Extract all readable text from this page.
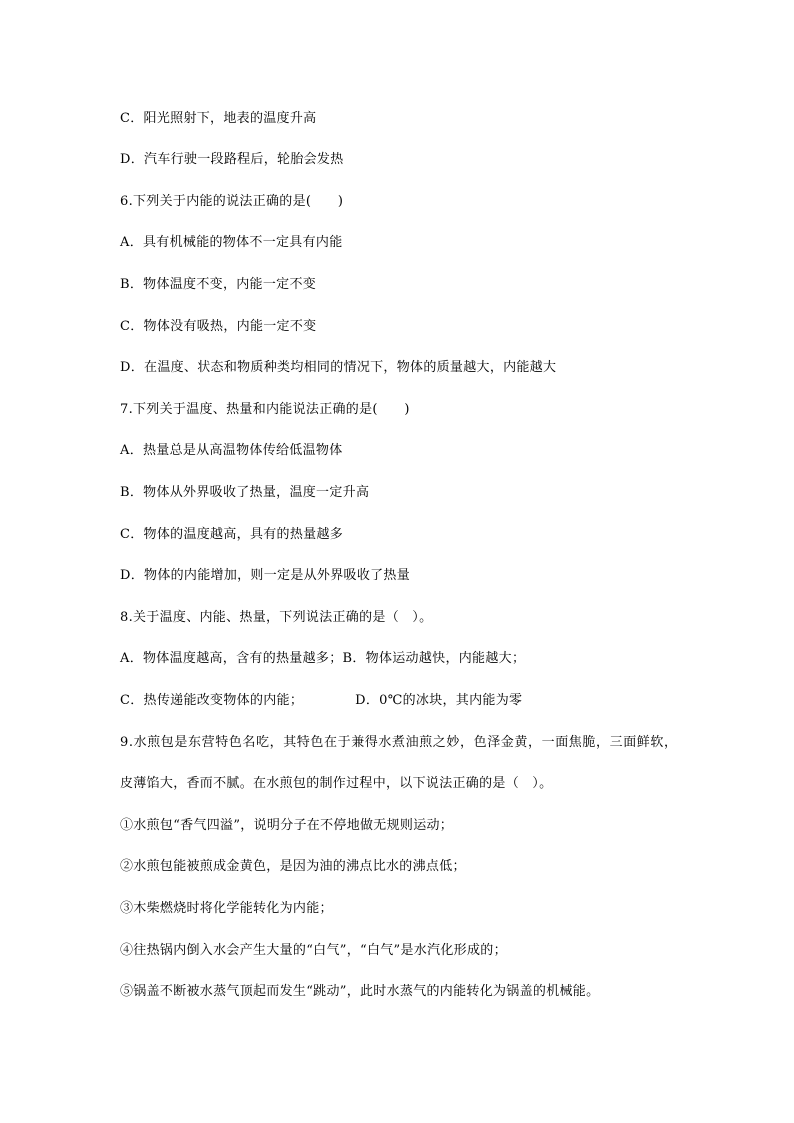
C．阳光照射下，地表的温度升高
D．汽车行驶一段路程后，轮胎会发热
6.下列关于内能的说法正确的是(　　)
A．具有机械能的物体不一定具有内能
B．物体温度不变，内能一定不变
C．物体没有吸热，内能一定不变
D．在温度、状态和物质种类均相同的情况下，物体的质量越大，内能越大
7.下列关于温度、热量和内能说法正确的是(　　)
A．热量总是从高温物体传给低温物体
B．物体从外界吸收了热量，温度一定升高
C．物体的温度越高，具有的热量越多
D．物体的内能增加，则一定是从外界吸收了热量
8.关于温度、内能、热量，下列说法正确的是（　）。
A．物体温度越高，含有的热量越多；B．物体运动越快，内能越大；
C．热传递能改变物体的内能；	D．0℃的冰块，其内能为零
9.水煎包是东营特色名吃，其特色在于兼得水煮油煎之妙，色泽金黄，一面焦脆，三面鲜软，
皮薄馅大，香而不腻。在水煎包的制作过程中，以下说法正确的是（　）。
①水煎包“香气四溢”，说明分子在不停地做无规则运动；
②水煎包能被煎成金黄色，是因为油的沸点比水的沸点低；
③木柴燃烧时将化学能转化为内能；
④往热锅内倒入水会产生大量的“白气”，“白气”是水汽化形成的；
⑤锅盖不断被水蒸气顶起而发生“跳动”，此时水蒸气的内能转化为锅盖的机械能。
